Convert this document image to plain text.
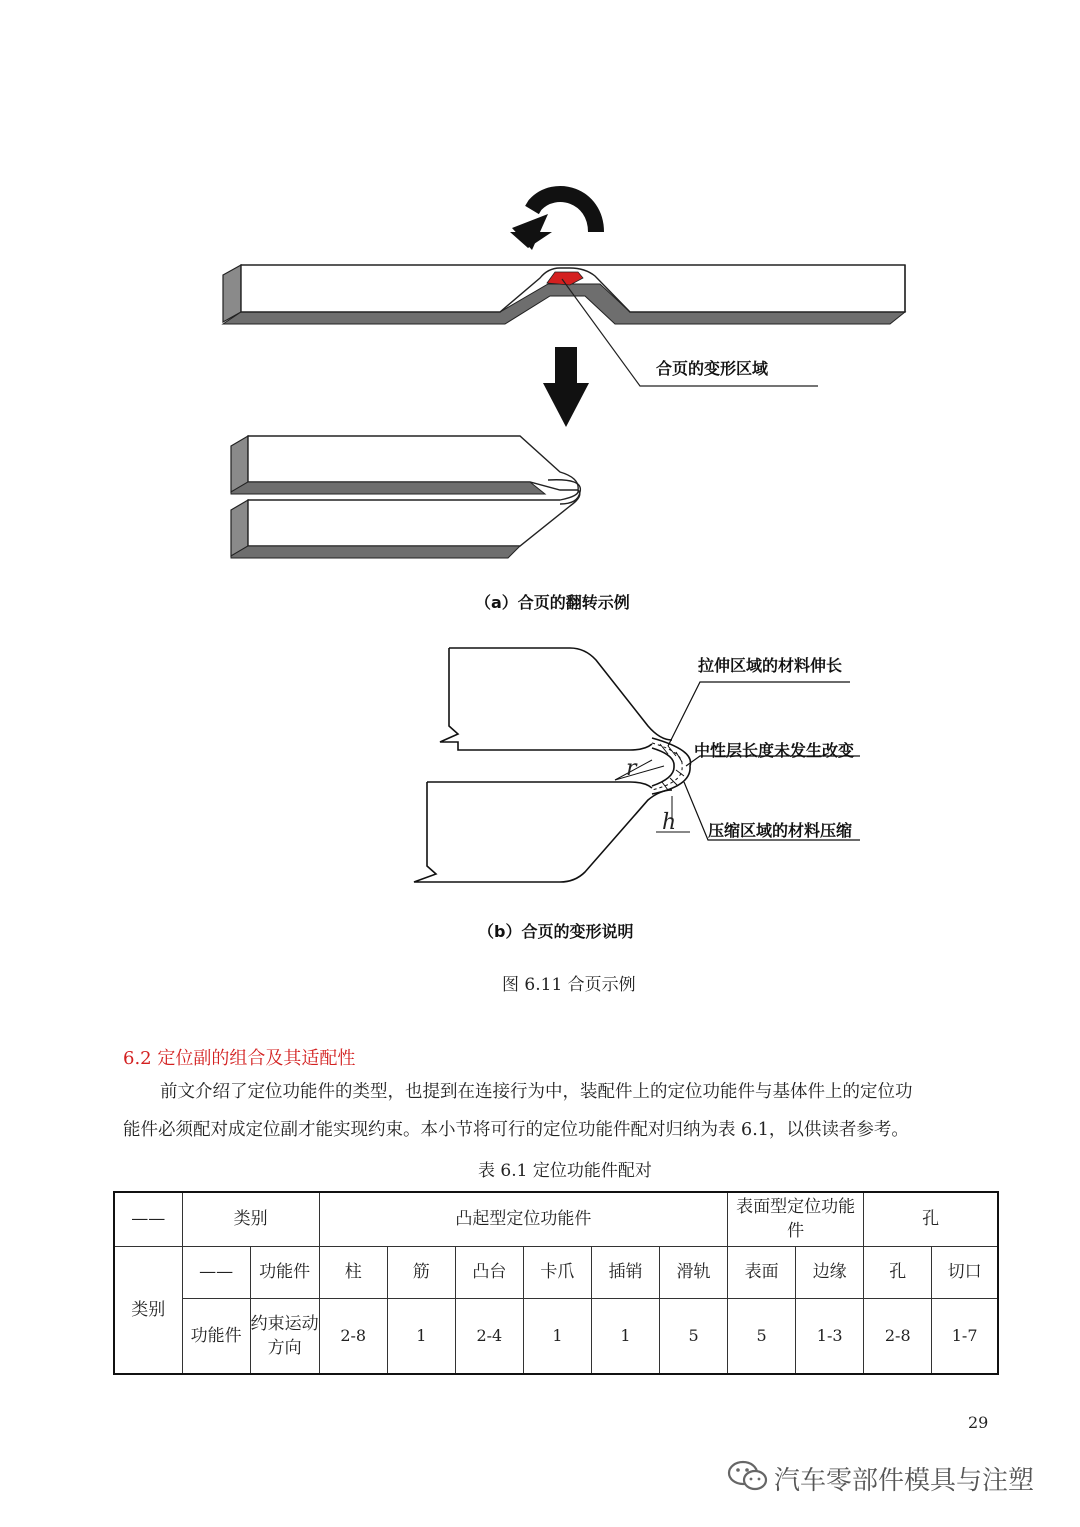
合页的变形区域
（a）合页的翻转示例
拉伸区域的材料伸长
中性层长度未发生改变
r
h 压缩区域的材料压缩
（b）合页的变形说明
图 6.11 合页示例
6.2 定位副的组合及其适配性
前文介绍了定位功能件的类型，也提到在连接行为中，装配件上的定位功能件与基体件上的定位功
能件必须配对成定位副才能实现约束。本小节将可行的定位功能件配对归纳为表 6.1，以供读者参考。
表 6.1 定位功能件配对
——	类别		凸起型定位功能件						表面型定位功能件		孔	
类别	——	功能件	柱	筋	凸台	卡爪	插销	滑轨	表面	边缘	孔	切口
	功能件	约束运动方向	2-8	1	2-4	1	1	5	5	1-3	2-8	1-7
29
汽车零部件模具与注塑
